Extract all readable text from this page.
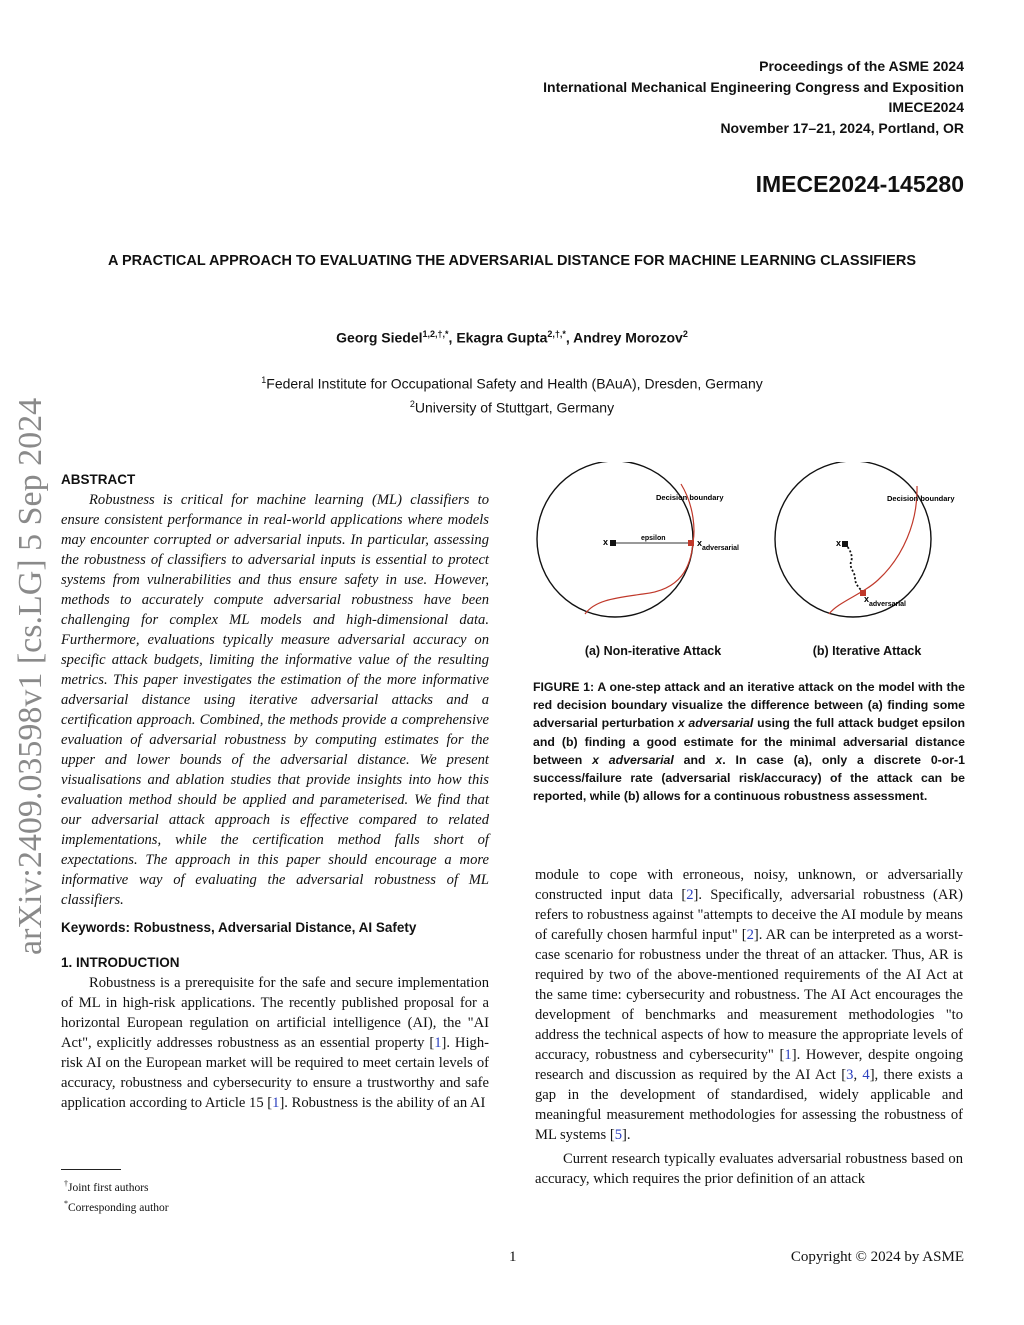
Proceedings of the ASME 2024
International Mechanical Engineering Congress and Exposition
IMECE2024
November 17–21, 2024, Portland, OR
IMECE2024-145280
A PRACTICAL APPROACH TO EVALUATING THE ADVERSARIAL DISTANCE FOR MACHINE LEARNING CLASSIFIERS
Georg Siedel$^{1,2,\dagger,*}$, Ekagra Gupta$^{2,\dagger,*}$, Andrey Morozov$^2$
$^1$Federal Institute for Occupational Safety and Health (BAuA), Dresden, Germany
$^2$University of Stuttgart, Germany
arXiv:2409.03598v1 [cs.LG] 5 Sep 2024 ABSTRACT

Robustness is critical for machine learning (ML) classifiers to ensure consistent performance in real-world applications where models may encounter corrupted or adversarial inputs. In particular, assessing the robustness of classifiers to adversarial inputs is essential to protect systems from vulnerabilities and thus ensure safety in use. However, methods to accurately compute adversarial robustness have been challenging for complex ML models and high-dimensional data. Furthermore, evaluations typically measure adversarial accuracy on specific attack budgets, limiting the informative value of the resulting metrics. This paper investigates the estimation of the more informative adversarial distance using iterative adversarial attacks and a certification approach. Combined, the methods provide a comprehensive evaluation of adversarial robustness by computing estimates for the upper and lower bounds of the adversarial distance. We present visualisations and ablation studies that provide insights into how this evaluation method should be applied and parameterised. We find that our adversarial attack approach is effective compared to related implementations, while the certification method falls short of expectations. The approach in this paper should encourage a more informative way of evaluating the adversarial robustness of ML classifiers.

Keywords: Robustness, Adversarial Distance, AI Safety
1. INTRODUCTION

Robustness is a prerequisite for the safe and secure implementation of ML in high-risk applications. The recently published proposal for a horizontal European regulation on artificial intelligence (AI), the "AI Act", explicitly addresses robustness as an essential property [1]. High-risk AI on the European market will be required to meet certain levels of accuracy, robustness and cybersecurity to ensure a trustworthy and safe application according to Article 15 [1]. Robustness is the ability of an AI

Decision boundary
x	epsilon	$x_{adversarial}$
Decision boundary
x
$x_{adversarial}$
(a) Non-iterative Attack	(b) Iterative Attack
FIGURE 1: A one-step attack and an iterative attack on the model with the red decision boundary visualize the difference between (a) finding some adversarial perturbation x adversarial using the full attack budget epsilon and (b) finding a good estimate for the minimal adversarial distance between x adversarial and x. In case (a), only a discrete 0-or-1 success/failure rate (adversarial risk/accuracy) of the attack can be reported, while (b) allows for a continuous robustness assessment.

module to cope with erroneous, noisy, unknown, or adversarially constructed input data [2]. Specifically, adversarial robustness (AR) refers to robustness against "attempts to deceive the AI module by means of carefully chosen harmful input" [2]. AR can be interpreted as a worst-case scenario for robustness under the threat of an attacker. Thus, AR is required by two of the above-mentioned requirements of the AI Act at the same time: cybersecurity and robustness. The AI Act encourages the development of benchmarks and measurement methodologies "to address the technical aspects of how to measure the appropriate levels of accuracy, robustness and cybersecurity" [1]. However, despite ongoing research and discussion as required by the AI Act [3, 4], there exists a gap in the development of standardised, widely applicable and meaningful measurement methodologies for assessing the robustness of ML systems [5].

Current research typically evaluates adversarial robustness based on accuracy, which requires the prior definition of an attack

†Joint first authors
*Corresponding author
1	Copyright © 2024 by ASME
